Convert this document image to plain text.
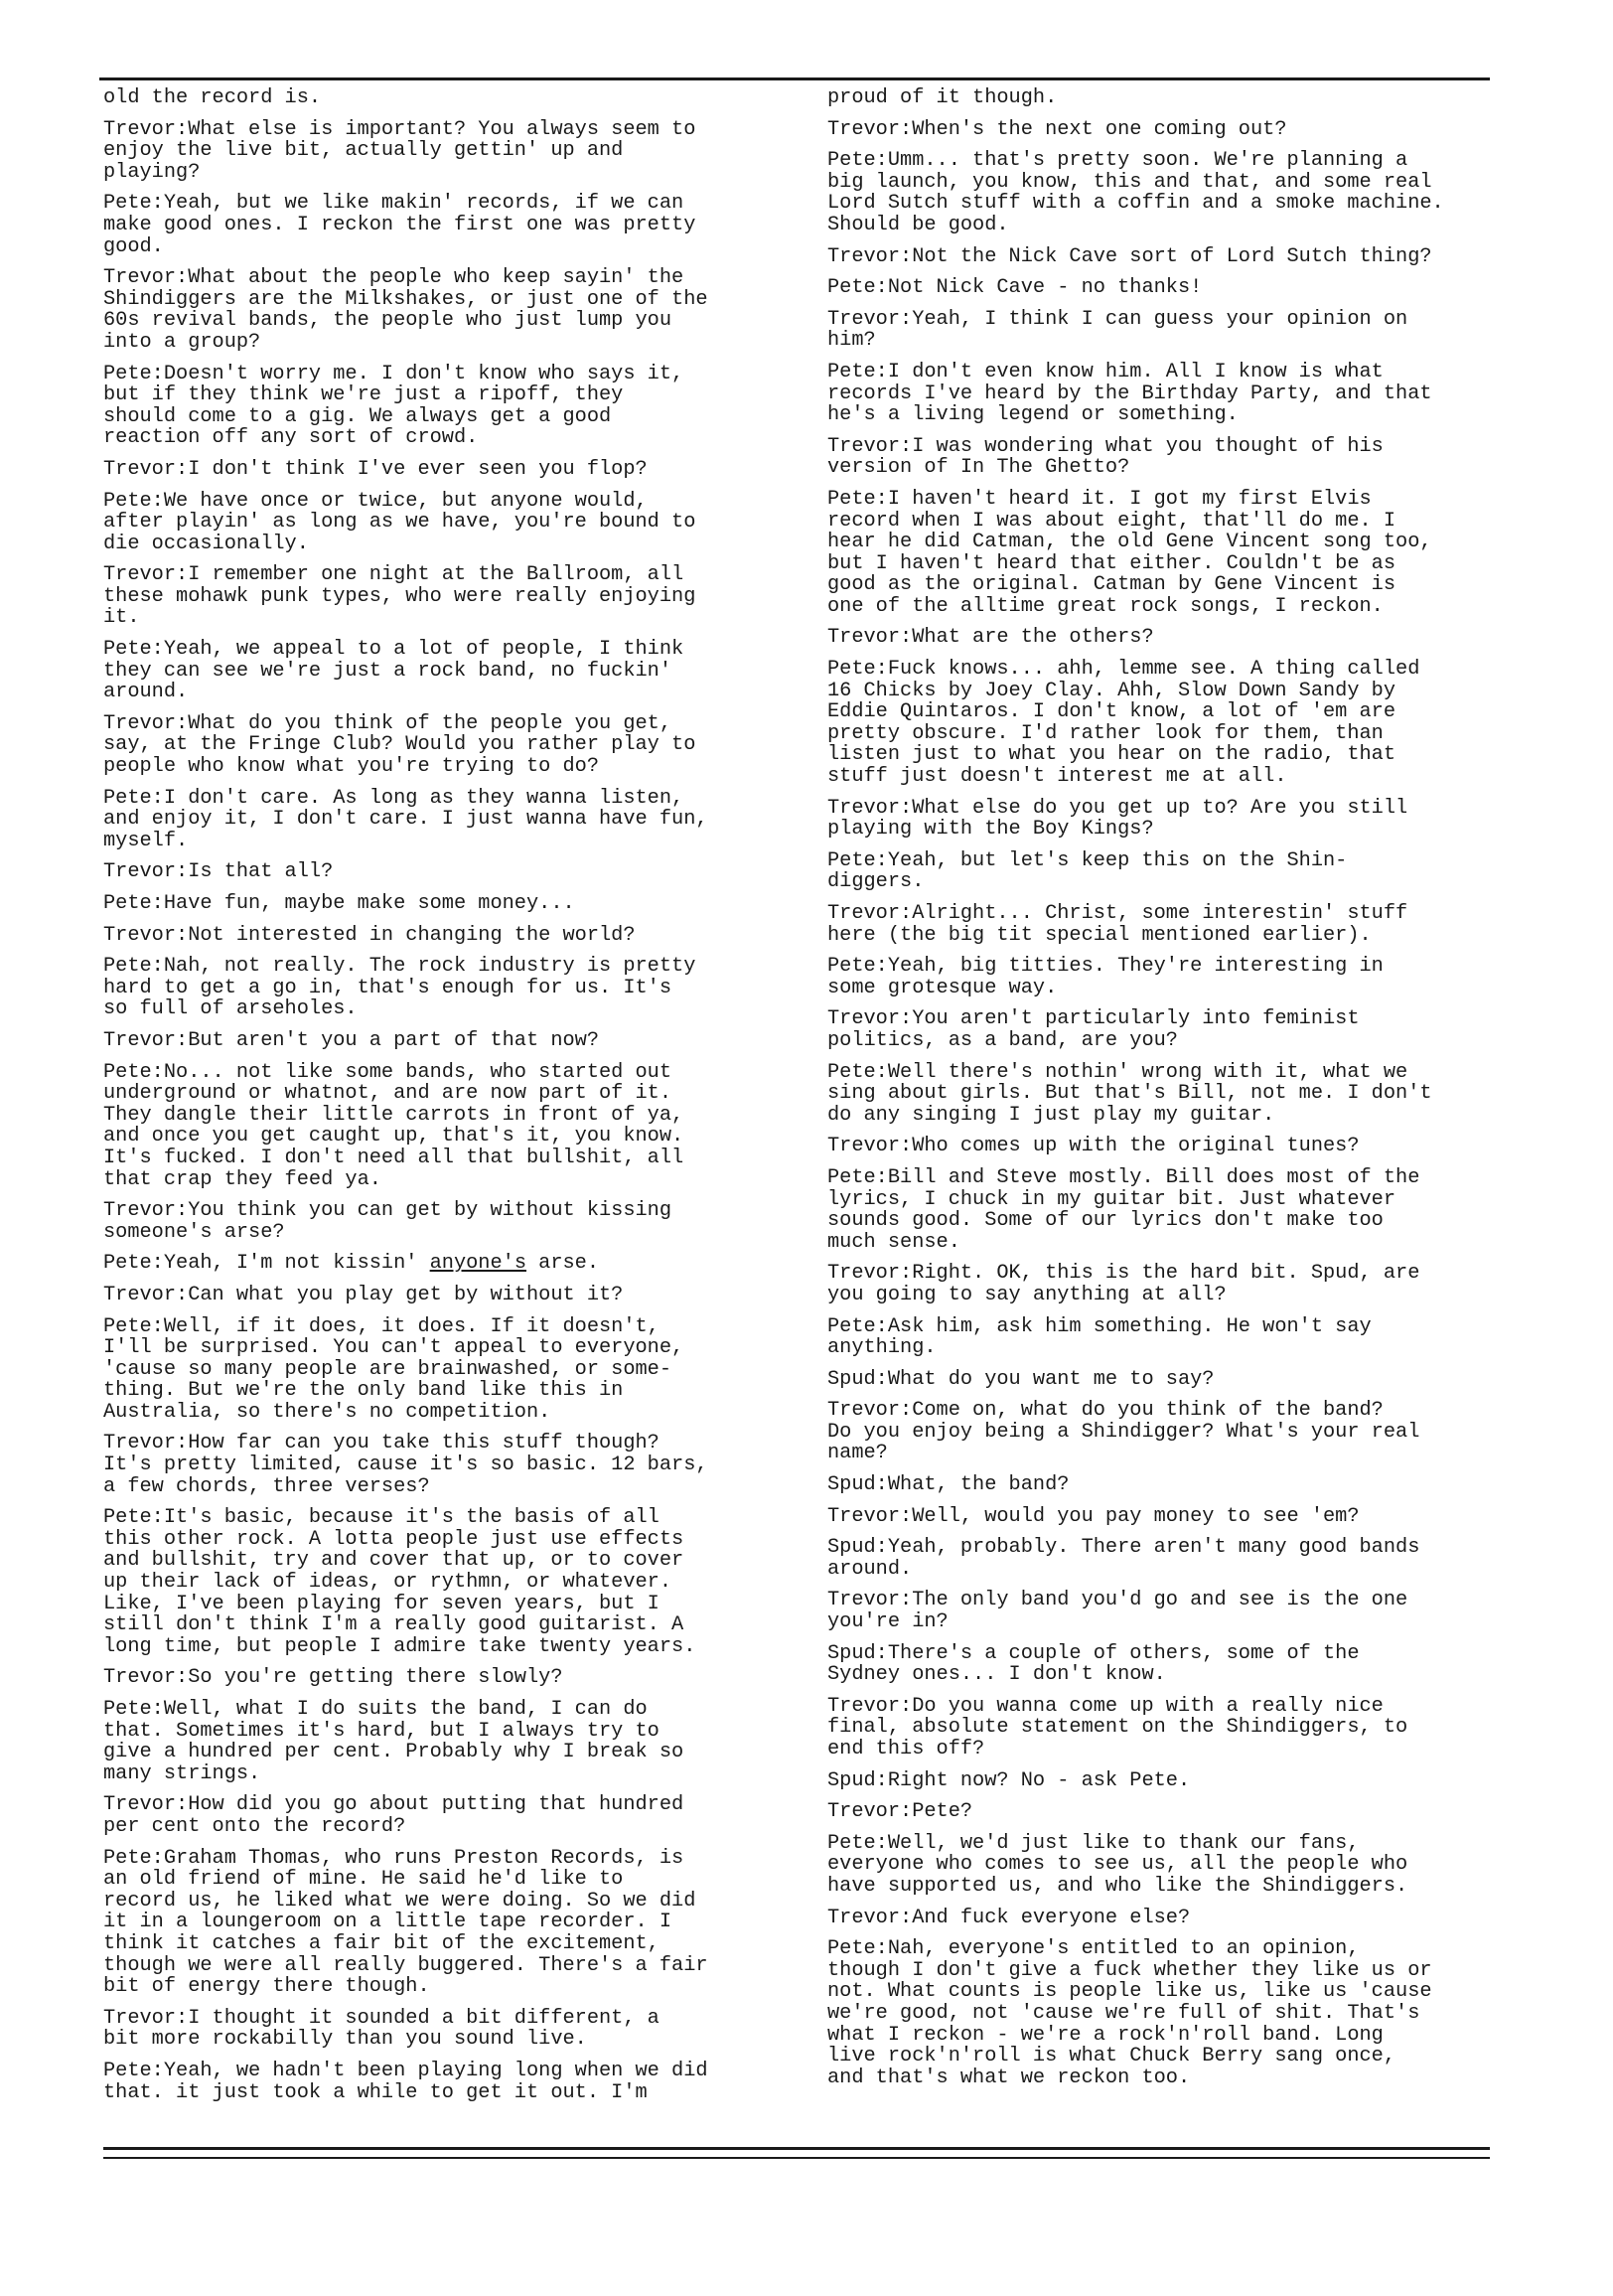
old the record is.

Trevor:What else is important? You always seem to
enjoy the live bit, actually gettin' up and
playing?

Pete:Yeah, but we like makin' records, if we can
make good ones. I reckon the first one was pretty
good.

Trevor:What about the people who keep sayin' the
Shindiggers are the Milkshakes, or just one of the
60s revival bands, the people who just lump you
into a group?

Pete:Doesn't worry me. I don't know who says it,
but if they think we're just a ripoff, they
should come to a gig. We always get a good
reaction off any sort of crowd.

Trevor:I don't think I've ever seen you flop?

Pete:We have once or twice, but anyone would,
after playin' as long as we have, you're bound to
die occasionally.

Trevor:I remember one night at the Ballroom, all
these mohawk punk types, who were really enjoying
it.

Pete:Yeah, we appeal to a lot of people, I think
they can see we're just a rock band, no fuckin'
around.

Trevor:What do you think of the people you get,
say, at the Fringe Club? Would you rather play to
people who know what you're trying to do?

Pete:I don't care. As long as they wanna listen,
and enjoy it, I don't care. I just wanna have fun,
myself.

Trevor:Is that all?

Pete:Have fun, maybe make some money...

Trevor:Not interested in changing the world?

Pete:Nah, not really. The rock industry is pretty
hard to get a go in, that's enough for us. It's
so full of arseholes.

Trevor:But aren't you a part of that now?

Pete:No... not like some bands, who started out
underground or whatnot, and are now part of it.
They dangle their little carrots in front of ya,
and once you get caught up, that's it, you know.
It's fucked. I don't need all that bullshit, all
that crap they feed ya.

Trevor:You think you can get by without kissing
someone's arse?

Pete:Yeah, I'm not kissin' anyone's arse.

Trevor:Can what you play get by without it?

Pete:Well, if it does, it does. If it doesn't,
I'll be surprised. You can't appeal to everyone,
'cause so many people are brainwashed, or some-
thing. But we're the only band like this in
Australia, so there's no competition.

Trevor:How far can you take this stuff though?
It's pretty limited, cause it's so basic. 12 bars,
a few chords, three verses?

Pete:It's basic, because it's the basis of all
this other rock. A lotta people just use effects
and bullshit, try and cover that up, or to cover
up their lack of ideas, or rythmn, or whatever.
Like, I've been playing for seven years, but I
still don't think I'm a really good guitarist. A
long time, but people I admire take twenty years.

Trevor:So you're getting there slowly?

Pete:Well, what I do suits the band, I can do
that. Sometimes it's hard, but I always try to
give a hundred per cent. Probably why I break so
many strings.

Trevor:How did you go about putting that hundred
per cent onto the record?

Pete:Graham Thomas, who runs Preston Records, is
an old friend of mine. He said he'd like to
record us, he liked what we were doing. So we did
it in a loungeroom on a little tape recorder. I
think it catches a fair bit of the excitement,
though we were all really buggered. There's a fair
bit of energy there though.

Trevor:I thought it sounded a bit different, a
bit more rockabilly than you sound live.

Pete:Yeah, we hadn't been playing long when we did
that. it just took a while to get it out. I'm

proud of it though.

Trevor:When's the next one coming out?

Pete:Umm... that's pretty soon. We're planning a
big launch, you know, this and that, and some real
Lord Sutch stuff with a coffin and a smoke machine.
Should be good.

Trevor:Not the Nick Cave sort of Lord Sutch thing?

Pete:Not Nick Cave - no thanks!

Trevor:Yeah, I think I can guess your opinion on
him?

Pete:I don't even know him. All I know is what
records I've heard by the Birthday Party, and that
he's a living legend or something.

Trevor:I was wondering what you thought of his
version of In The Ghetto?

Pete:I haven't heard it. I got my first Elvis
record when I was about eight, that'll do me. I
hear he did Catman, the old Gene Vincent song too,
but I haven't heard that either. Couldn't be as
good as the original. Catman by Gene Vincent is
one of the alltime great rock songs, I reckon.

Trevor:What are the others?

Pete:Fuck knows... ahh, lemme see. A thing called
16 Chicks by Joey Clay. Ahh, Slow Down Sandy by
Eddie Quintaros. I don't know, a lot of 'em are
pretty obscure. I'd rather look for them, than
listen just to what you hear on the radio, that
stuff just doesn't interest me at all.

Trevor:What else do you get up to? Are you still
playing with the Boy Kings?

Pete:Yeah, but let's keep this on the Shin-
diggers.

Trevor:Alright... Christ, some interestin' stuff
here (the big tit special mentioned earlier).

Pete:Yeah, big titties. They're interesting in
some grotesque way.

Trevor:You aren't particularly into feminist
politics, as a band, are you?

Pete:Well there's nothin' wrong with it, what we
sing about girls. But that's Bill, not me. I don't
do any singing I just play my guitar.

Trevor:Who comes up with the original tunes?

Pete:Bill and Steve mostly. Bill does most of the
lyrics, I chuck in my guitar bit. Just whatever
sounds good. Some of our lyrics don't make too
much sense.

Trevor:Right. OK, this is the hard bit. Spud, are
you going to say anything at all?

Pete:Ask him, ask him something. He won't say
anything.

Spud:What do you want me to say?

Trevor:Come on, what do you think of the band?
Do you enjoy being a Shindigger? What's your real
name?

Spud:What, the band?

Trevor:Well, would you pay money to see 'em?

Spud:Yeah, probably. There aren't many good bands
around.

Trevor:The only band you'd go and see is the one
you're in?

Spud:There's a couple of others, some of the
Sydney ones... I don't know.

Trevor:Do you wanna come up with a really nice
final, absolute statement on the Shindiggers, to
end this off?

Spud:Right now? No - ask Pete.

Trevor:Pete?

Pete:Well, we'd just like to thank our fans,
everyone who comes to see us, all the people who
have supported us, and who like the Shindiggers.

Trevor:And fuck everyone else?

Pete:Nah, everyone's entitled to an opinion,
though I don't give a fuck whether they like us or
not. What counts is people like us, like us 'cause
we're good, not 'cause we're full of shit. That's
what I reckon - we're a rock'n'roll band. Long
live rock'n'roll is what Chuck Berry sang once,
and that's what we reckon too.
